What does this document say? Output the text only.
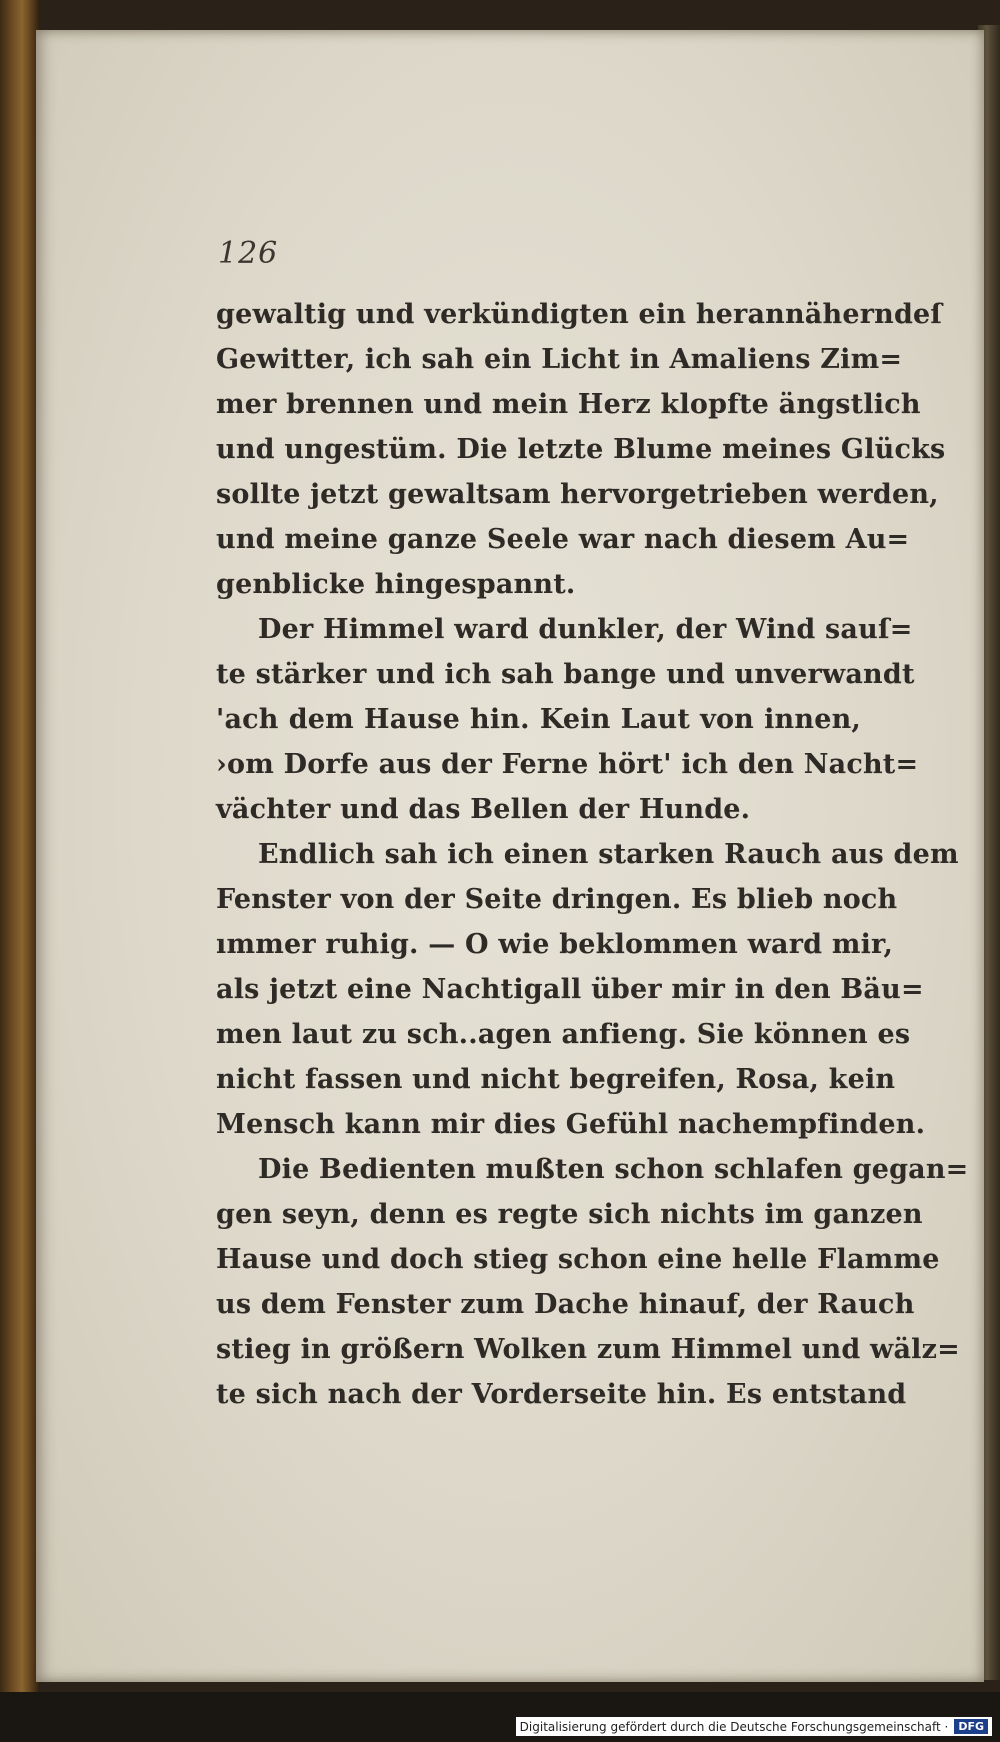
126
gewaltig und verkündigten ein herannäherndeſ
Gewitter, ich sah ein Licht in Amaliens Zim=
mer brennen und mein Herz klopfte ängstlich
und ungestüm. Die letzte Blume meines Glücks
sollte jetzt gewaltsam hervorgetrieben werden,
und meine ganze Seele war nach diesem Au=
genblicke hingespannt.
Der Himmel ward dunkler, der Wind sauſ=
te stärker und ich sah bange und unverwandt
'ach dem Hause hin. Kein Laut von innen,
›om Dorfe aus der Ferne hört' ich den Nacht=
vächter und das Bellen der Hunde.
Endlich sah ich einen starken Rauch aus dem
Fenster von der Seite dringen. Es blieb noch
ımmer ruhig. — O wie beklommen ward mir,
als jetzt eine Nachtigall über mir in den Bäu=
men laut zu sch..agen anfieng. Sie können es
nicht fassen und nicht begreifen, Rosa, kein
Mensch kann mir dies Gefühl nachempfinden.
Die Bedienten mußten schon schlafen gegan=
gen seyn, denn es regte sich nichts im ganzen
Hause und doch stieg schon eine helle Flamme
us dem Fenster zum Dache hinauf, der Rauch
stieg in größern Wolken zum Himmel und wälz=
te sich nach der Vorderseite hin. Es entstand
Digitalisierung gefördert durch die Deutsche Forschungsgemeinschaft · DFG
